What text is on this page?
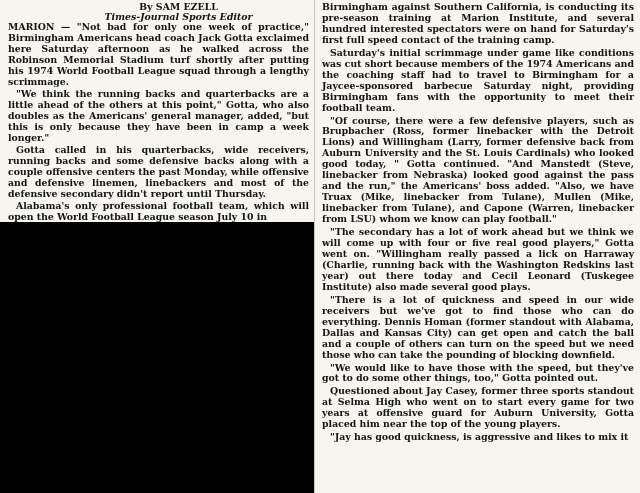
By SAM EZELL
Times-Journal Sports Editor

MARION — "Not bad for only one week of practice," Birmingham Americans head coach Jack Gotta exclaimed here Saturday afternoon as he walked across the Robinson Memorial Stadium turf shortly after putting his 1974 World Football League squad through a lengthy scrimmage.

"We think the running backs and quarterbacks are a little ahead of the others at this point," Gotta, who also doubles as the Americans' general manager, added, "but this is only because they have been in camp a week longer."

Gotta called in his quarterbacks, wide receivers, running backs and some defensive backs along with a couple offensive centers the past Monday, while offensive and defensive linemen, linebackers and most of the defensive secondary didn't report until Thursday.

Alabama's only professional football team, which will open the World Football League season July 10 in

Birmingham against Southern California, is conducting its pre-season training at Marion Institute, and several hundred interested spectators were on hand for Saturday's first full speed contact of the training camp.

Saturday's initial scrimmage under game like conditions was cut short because members of the 1974 Americans and the coaching staff had to travel to Birmingham for a Jaycee-sponsored barbecue Saturday night, providing Birmingham fans with the opportunity to meet their football team.

"Of course, there were a few defensive players, such as Brupbacher (Ross, former linebacker with the Detroit Lions) and Willingham (Larry, former defensive back from Auburn University and the St. Louis Cardinals) who looked good today, " Gotta continued. "And Manstedt (Steve, linebacker from Nebraska) looked good against the pass and the run," the Americans' boss added. "Also, we have Truax (Mike, linebacker from Tulane), Mullen (Mike, linebacker from Tulane), and Capone (Warren, linebacker from LSU) whom we know can play football."

"The secondary has a lot of work ahead but we think we will come up with four or five real good players," Gotta went on. "Willingham really passed a lick on Harraway (Charlie, running back with the Washington Redskins last year) out there today and Cecil Leonard (Tuskegee Institute) also made several good plays.

"There is a lot of quickness and speed in our wide receivers but we've got to find those who can do everything. Dennis Homan (former standout with Alabama, Dallas and Kansas City) can get open and catch the ball and a couple of others can turn on the speed but we need those who can take the pounding of blocking downfield.

"We would like to have those with the speed, but they've got to do some other things, too," Gotta pointed out.

Questioned about Jay Casey, former three sports standout at Selma High who went on to start every game for two years at offensive guard for Auburn University, Gotta placed him near the top of the young players.

"Jay has good quickness, is aggressive and likes to mix it
